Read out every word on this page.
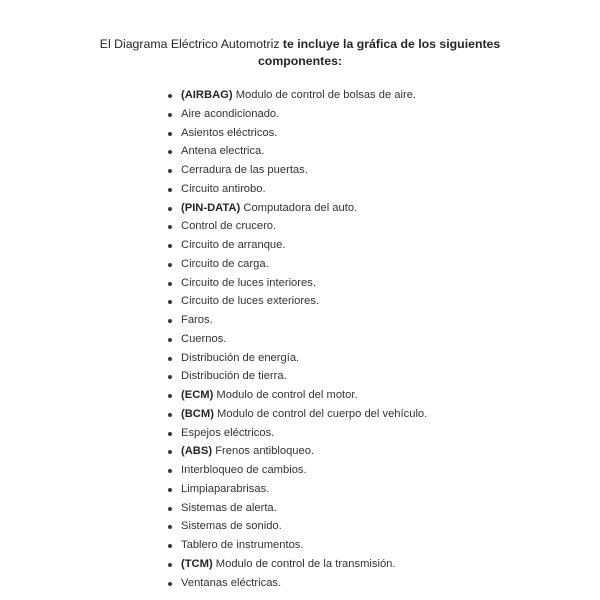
El Diagrama Eléctrico Automotriz te incluye la gráfica de los siguientes componentes:
(AIRBAG) Modulo de control de bolsas de aire.
Aire acondicionado.
Asientos eléctricos.
Antena electrica.
Cerradura de las puertas.
Circuito antirobo.
(PIN-DATA) Computadora del auto.
Control de crucero.
Circuito de arranque.
Circuito de carga.
Circuito de luces interiores.
Circuito de luces exteriores.
Faros.
Cuernos.
Distribución de energía.
Distribución de tierra.
(ECM) Modulo de control del motor.
(BCM) Modulo de control del cuerpo del vehículo.
Espejos eléctricos.
(ABS) Frenos antibloqueo.
Interbloqueo de cambios.
Limpiaparabrisas.
Sistemas de alerta.
Sistemas de sonido.
Tablero de instrumentos.
(TCM) Modulo de control de la transmisión.
Ventanas eléctricas.
